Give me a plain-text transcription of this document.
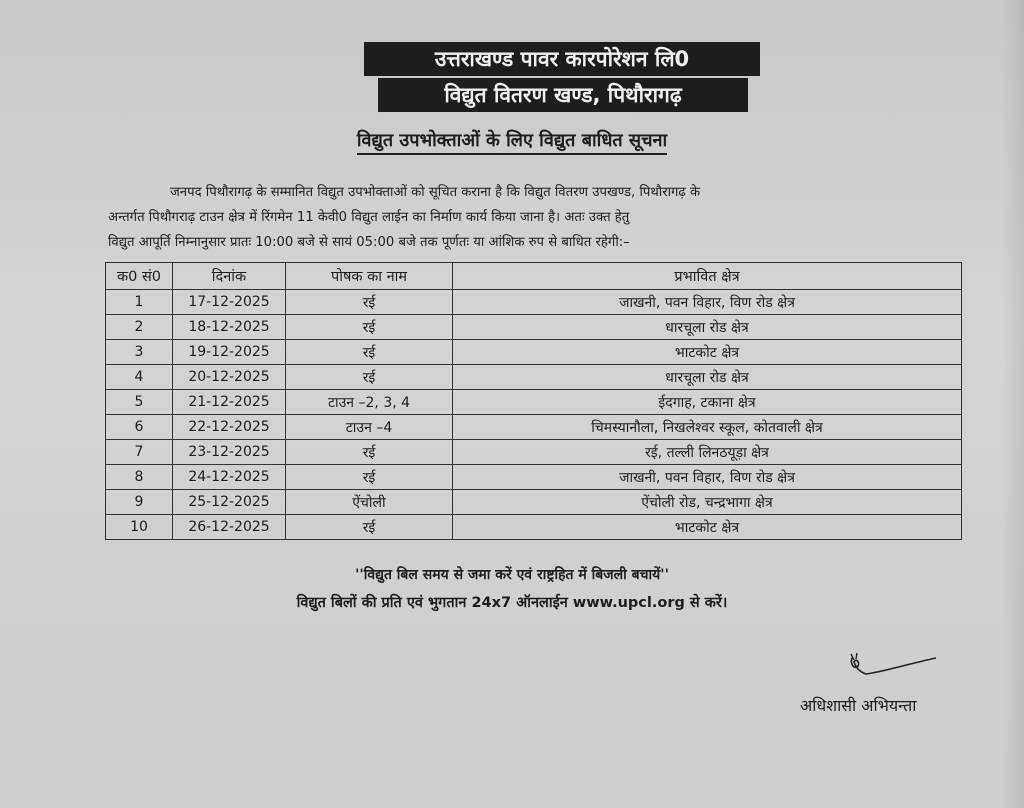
उत्तराखण्ड पावर कारपोरेशन लि0
विद्युत वितरण खण्ड, पिथौरागढ़
विद्युत उपभोक्ताओं के लिए विद्युत बाधित सूचना
जनपद पिथौरागढ़ के सम्मानित विद्युत उपभोक्ताओं को सूचित कराना है कि विद्युत वितरण उपखण्ड, पिथौरागढ़ के
अन्तर्गत पिथौगराढ़ टाउन क्षेत्र में रिंगमेन 11 केवी0 विद्युत लाईन का निर्माण कार्य किया जाना है। अतः उक्त हेतु
विद्युत आपूर्ति निम्नानुसार प्रातः 10:00 बजे से सायं 05:00 बजे तक पूर्णतः या आंशिक रुप से बाधित रहेगी:–
क0 सं0	दिनांक	पोषक का नाम	प्रभावित क्षेत्र
1	17-12-2025	रई	जाखनी, पवन विहार, विण रोड क्षेत्र
2	18-12-2025	रई	धारचूला रोड क्षेत्र
3	19-12-2025	रई	भाटकोट क्षेत्र
4	20-12-2025	रई	धारचूला रोड क्षेत्र
5	21-12-2025	टाउन –2, 3, 4	ईदगाह, टकाना क्षेत्र
6	22-12-2025	टाउन –4	चिमस्यानौला, निखलेश्वर स्कूल, कोतवाली क्षेत्र
7	23-12-2025	रई	रई, तल्ली लिनठयूड़ा क्षेत्र
8	24-12-2025	रई	जाखनी, पवन विहार, विण रोड क्षेत्र
9	25-12-2025	ऐंचोली	ऐंचोली रोड, चन्द्रभागा क्षेत्र
10	26-12-2025	रई	भाटकोट क्षेत्र
''विद्युत बिल समय से जमा करें एवं राष्ट्रहित में बिजली बचायें''
विद्युत बिलों की प्रति एवं भुगतान 24x7 ऑनलाईन www.upcl.org से करें।
अधिशासी अभियन्ता
